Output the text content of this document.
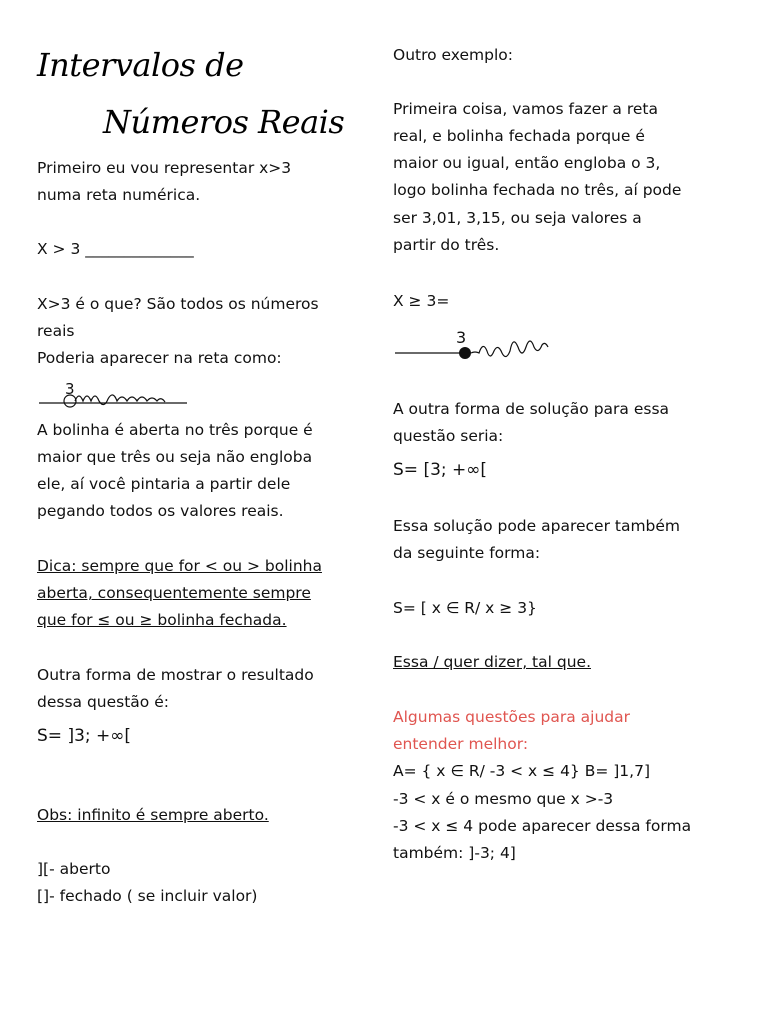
Intervalos de
Números Reais
Primeiro eu vou representar x>3
numa reta numérica.
X > 3 ______________
X>3 é o que? São todos os números
reais
Poderia aparecer na reta como:
3
A bolinha é aberta no três porque é
maior que três ou seja não engloba
ele, aí você pintaria a partir dele
pegando todos os valores reais.
Dica: sempre que for < ou > bolinha
aberta, consequentemente sempre
que for ≤ ou ≥ bolinha fechada.
Outra forma de mostrar o resultado
dessa questão é:
S= ]3; +∞[
Obs: infinito é sempre aberto.
][- aberto
[]- fechado ( se incluir valor)
Outro exemplo:
Primeira coisa, vamos fazer a reta
real, e bolinha fechada porque é
maior ou igual, então engloba o 3,
logo bolinha fechada no três, aí pode
ser 3,01, 3,15, ou seja valores a
partir do três.
X ≥ 3=
3
A outra forma de solução para essa
questão seria:
S= [3; +∞[
Essa solução pode aparecer também
da seguinte forma:
S= [ x ∈ R/ x ≥ 3}
Essa / quer dizer, tal que.
Algumas questões para ajudar
entender melhor:
A= { x ∈ R/ -3 < x ≤ 4} B= ]1,7]
-3 < x é o mesmo que x >-3
-3 < x ≤ 4 pode aparecer dessa forma
também: ]-3; 4]
